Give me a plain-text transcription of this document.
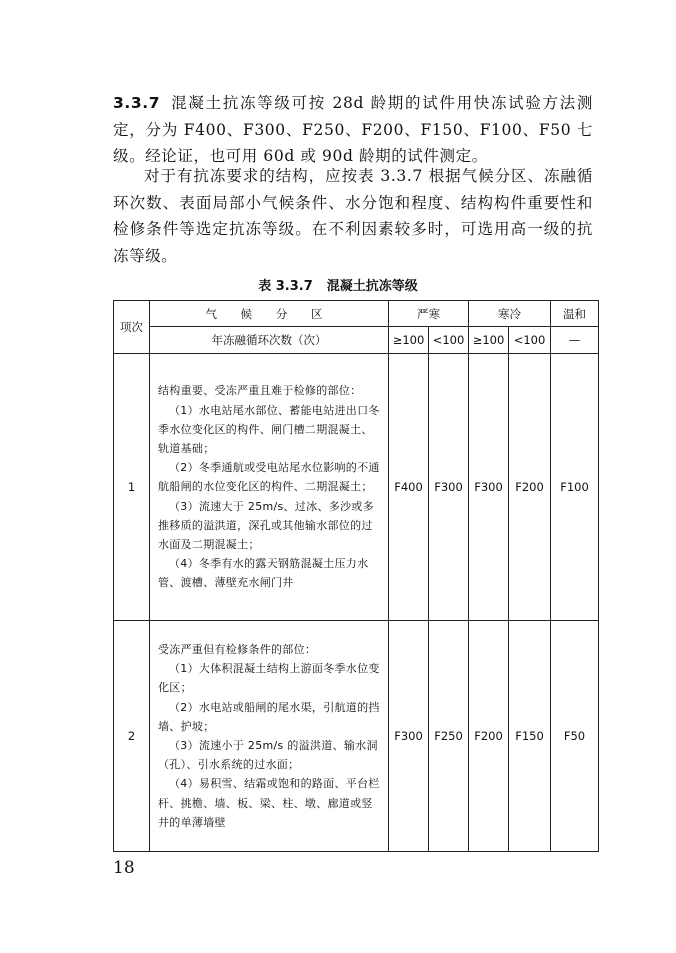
3.3.7 混凝土抗冻等级可按 28d 龄期的试件用快冻试验方法测定，分为 F400、F300、F250、F200、F150、F100、F50 七级。经论证，也可用 60d 或 90d 龄期的试件测定。
对于有抗冻要求的结构，应按表 3.3.7 根据气候分区、冻融循环次数、表面局部小气候条件、水分饱和程度、结构构件重要性和检修条件等选定抗冻等级。在不利因素较多时，可选用高一级的抗冻等级。
表 3.3.7 混凝土抗冻等级
项次	气 候 分 区	严寒		寒冷		温和
	年冻融循环次数（次）	≥100	<100	≥100	<100	—
1	结构重要、受冻严重且难于检修的部位：
（1）水电站尾水部位、蓄能电站进出口冬季水位变化区的构件、闸门槽二期混凝土、轨道基础；
（2）冬季通航或受电站尾水位影响的不通航船闸的水位变化区的构件、二期混凝土；
（3）流速大于 25m/s、过冰、多沙或多推移质的溢洪道，深孔或其他输水部位的过水面及二期混凝土；
（4）冬季有水的露天钢筋混凝土压力水管、渡槽、薄壁充水闸门井	F400	F300	F300	F200	F100
2	受冻严重但有检修条件的部位：
（1）大体积混凝土结构上游面冬季水位变化区；
（2）水电站或船闸的尾水渠，引航道的挡墙、护坡；
（3）流速小于 25m/s 的溢洪道、输水洞（孔）、引水系统的过水面；
（4）易积雪、结霜或饱和的路面、平台栏杆、挑檐、墙、板、梁、柱、墩、廊道或竖井的单薄墙壁	F300	F250	F200	F150	F50
18
